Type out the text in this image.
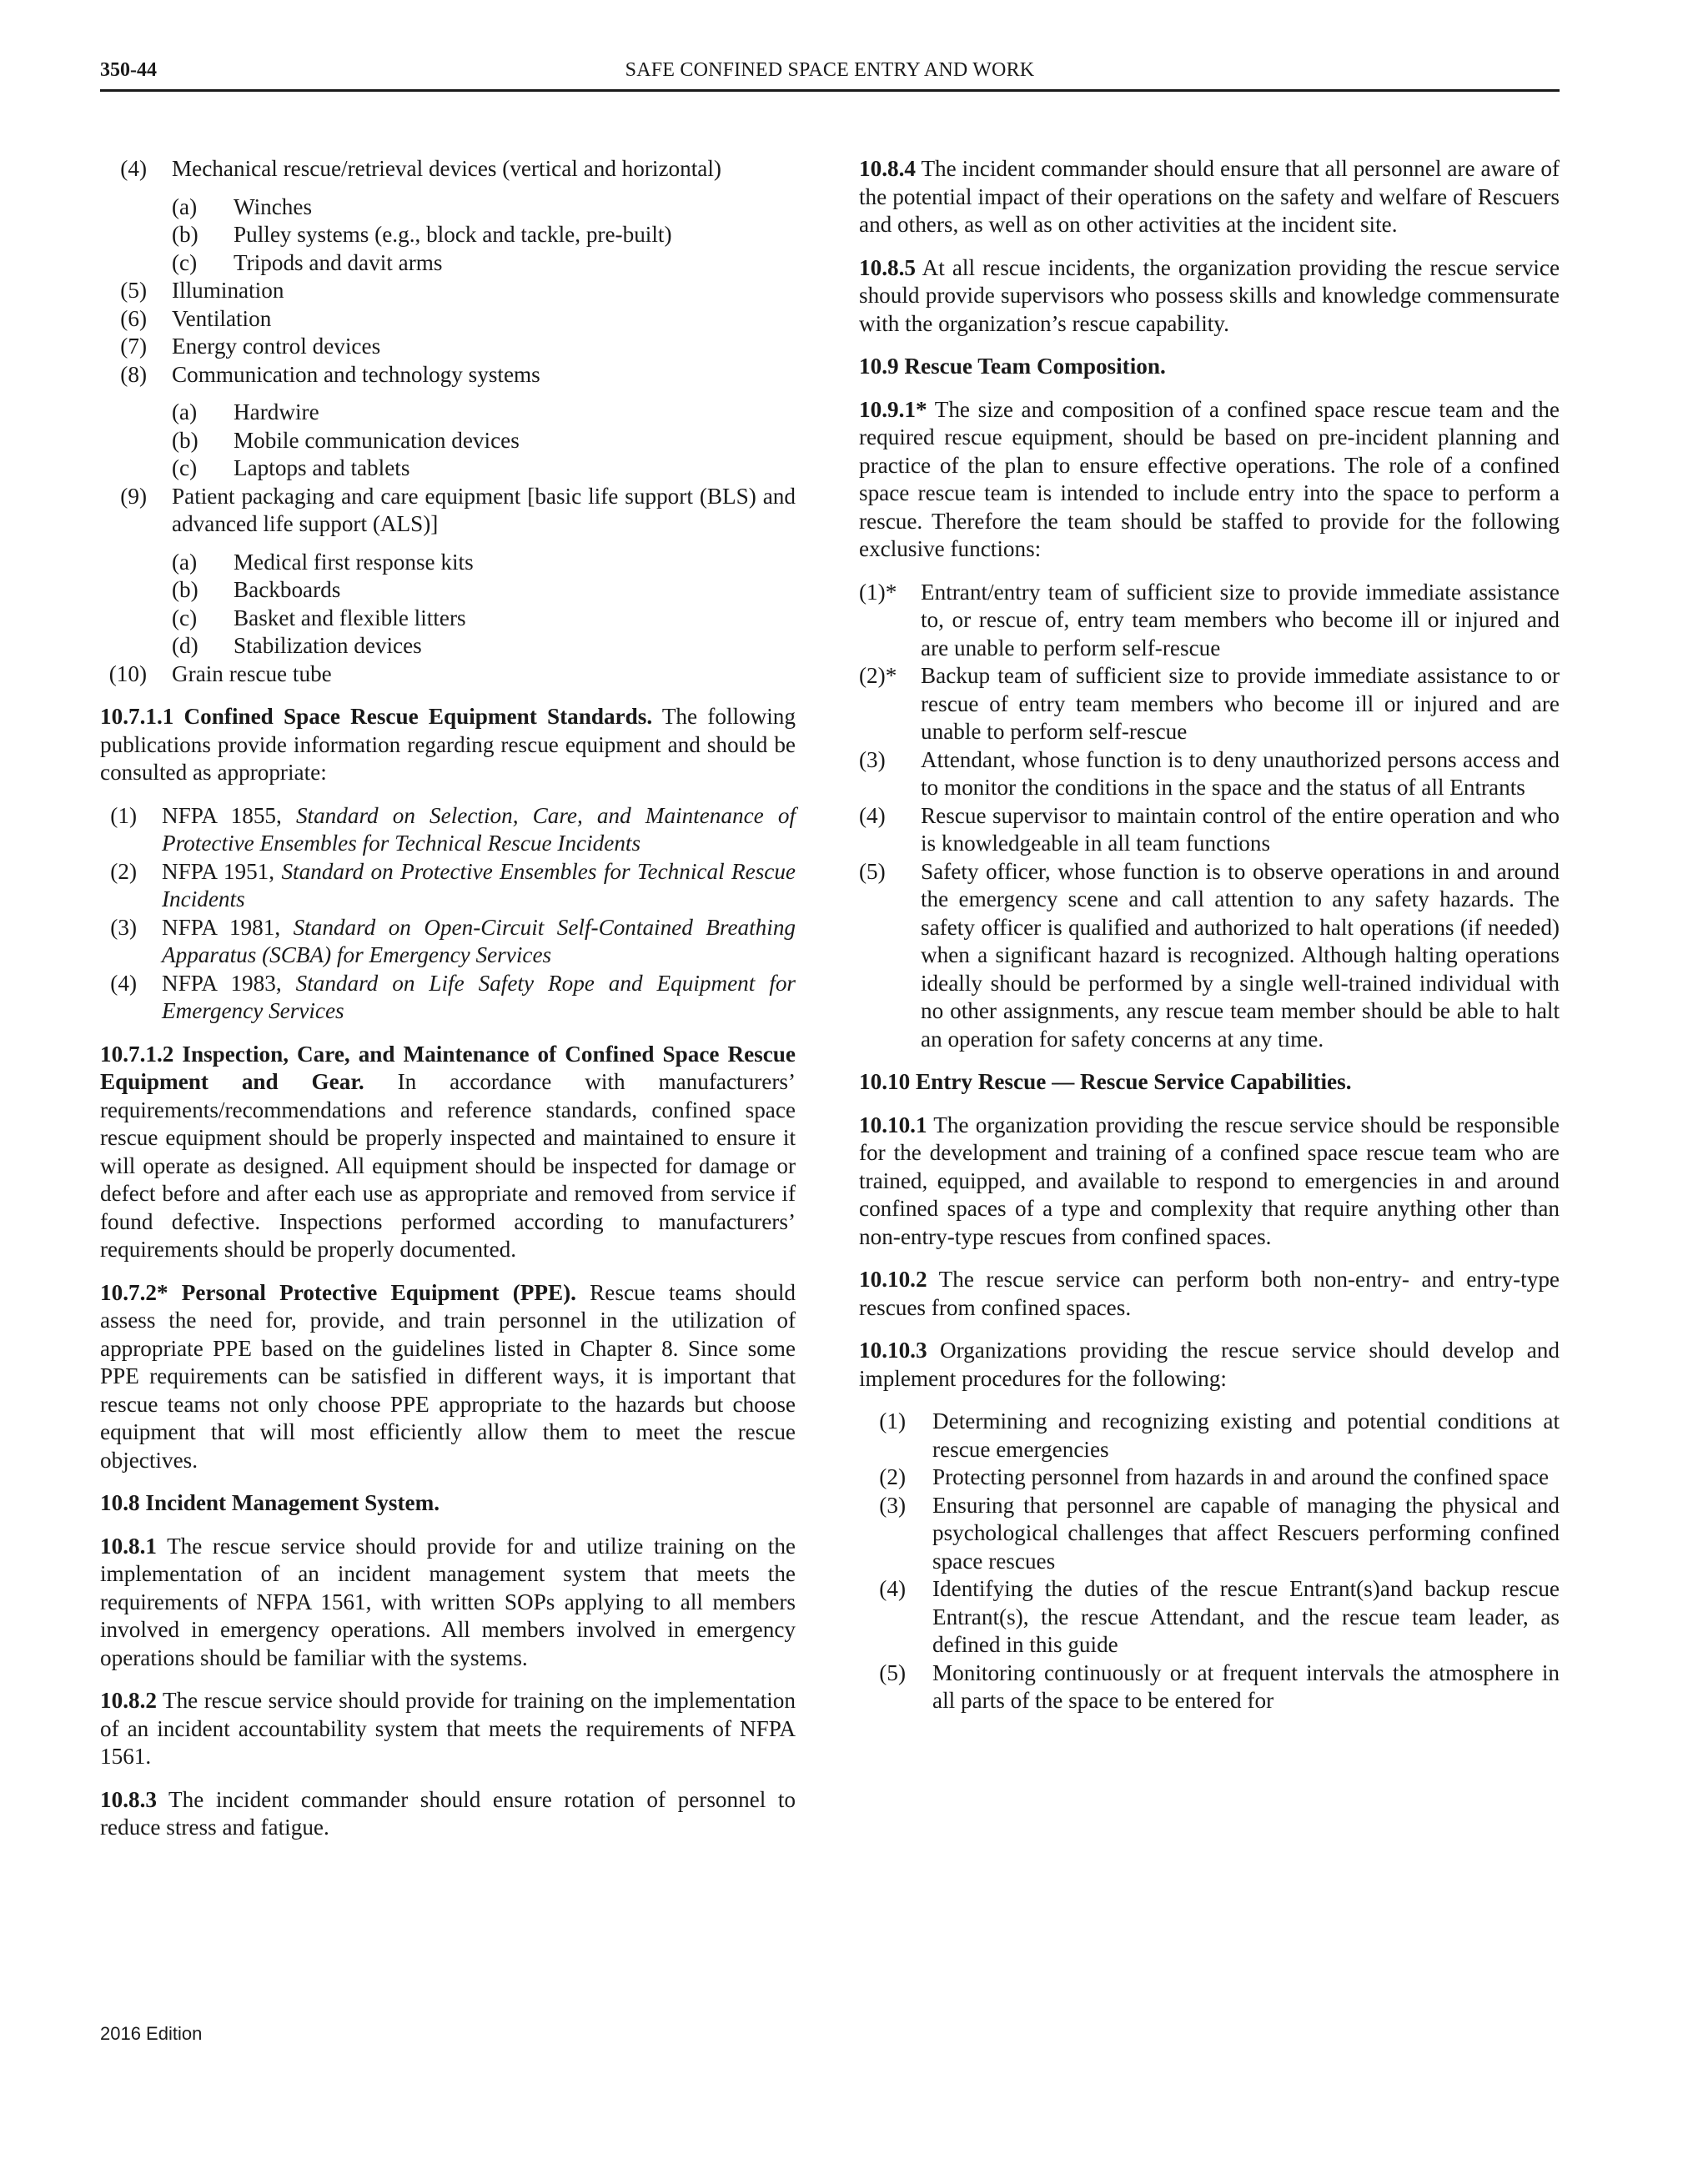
350-44	SAFE CONFINED SPACE ENTRY AND WORK
(4) Mechanical rescue/retrieval devices (vertical and horizontal)
(a)	Winches
(b)	Pulley systems (e.g., block and tackle, pre-built)
(c)	Tripods and davit arms
(5) Illumination
(6) Ventilation
(7) Energy control devices
(8) Communication and technology systems
(a)	Hardwire
(b)	Mobile communication devices
(c)	Laptops and tablets
(9) Patient packaging and care equipment [basic life support (BLS) and advanced life support (ALS)]
(a)	Medical first response kits
(b)	Backboards
(c)	Basket and flexible litters
(d)	Stabilization devices
(10) Grain rescue tube

10.7.1.1 Confined Space Rescue Equipment Standards. The following publications provide information regarding rescue equipment and should be consulted as appropriate:

(1) NFPA 1855, Standard on Selection, Care, and Maintenance of Protective Ensembles for Technical Rescue Incidents
(2) NFPA 1951, Standard on Protective Ensembles for Technical Rescue Incidents
(3) NFPA 1981, Standard on Open-Circuit Self-Contained Breathing Apparatus (SCBA) for Emergency Services
(4) NFPA 1983, Standard on Life Safety Rope and Equipment for Emergency Services

10.7.1.2 Inspection, Care, and Maintenance of Confined Space Rescue Equipment and Gear. In accordance with manufacturers’ requirements/recommendations and reference standards, confined space rescue equipment should be properly inspected and maintained to ensure it will operate as designed. All equipment should be inspected for damage or defect before and after each use as appropriate and removed from service if found defective. Inspections performed according to manufacturers’ requirements should be properly documented.

10.7.2* Personal Protective Equipment (PPE). Rescue teams should assess the need for, provide, and train personnel in the utilization of appropriate PPE based on the guidelines listed in Chapter 8. Since some PPE requirements can be satisfied in different ways, it is important that rescue teams not only choose PPE appropriate to the hazards but choose equipment that will most efficiently allow them to meet the rescue objectives.

10.8 Incident Management System.

10.8.1 The rescue service should provide for and utilize training on the implementation of an incident management system that meets the requirements of NFPA 1561, with written SOPs applying to all members involved in emergency operations. All members involved in emergency operations should be familiar with the systems.

10.8.2 The rescue service should provide for training on the implementation of an incident accountability system that meets the requirements of NFPA 1561.

10.8.3 The incident commander should ensure rotation of personnel to reduce stress and fatigue.

10.8.4 The incident commander should ensure that all personnel are aware of the potential impact of their operations on the safety and welfare of Rescuers and others, as well as on other activities at the incident site.

10.8.5 At all rescue incidents, the organization providing the rescue service should provide supervisors who possess skills and knowledge commensurate with the organization’s rescue capability.

10.9 Rescue Team Composition.

10.9.1* The size and composition of a confined space rescue team and the required rescue equipment, should be based on pre-incident planning and practice of the plan to ensure effective operations. The role of a confined space rescue team is intended to include entry into the space to perform a rescue. Therefore the team should be staffed to provide for the following exclusive functions:

(1)*	Entrant/entry team of sufficient size to provide immediate assistance to, or rescue of, entry team members who become ill or injured and are unable to perform self-rescue
(2)*	Backup team of sufficient size to provide immediate assistance to or rescue of entry team members who become ill or injured and are unable to perform self-rescue
(3)	Attendant, whose function is to deny unauthorized persons access and to monitor the conditions in the space and the status of all Entrants
(4)	Rescue supervisor to maintain control of the entire operation and who is knowledgeable in all team functions
(5)	Safety officer, whose function is to observe operations in and around the emergency scene and call attention to any safety hazards. The safety officer is qualified and authorized to halt operations (if needed) when a significant hazard is recognized. Although halting operations ideally should be performed by a single well-trained individual with no other assignments, any rescue team member should be able to halt an operation for safety concerns at any time.

10.10 Entry Rescue — Rescue Service Capabilities.

10.10.1 The organization providing the rescue service should be responsible for the development and training of a confined space rescue team who are trained, equipped, and available to respond to emergencies in and around confined spaces of a type and complexity that require anything other than non-entry-type rescues from confined spaces.

10.10.2 The rescue service can perform both non-entry- and entry-type rescues from confined spaces.

10.10.3 Organizations providing the rescue service should develop and implement procedures for the following:

(1) Determining and recognizing existing and potential conditions at rescue emergencies
(2) Protecting personnel from hazards in and around the confined space
(3) Ensuring that personnel are capable of managing the physical and psychological challenges that affect Rescuers performing confined space rescues
(4) Identifying the duties of the rescue Entrant(s)and backup rescue Entrant(s), the rescue Attendant, and the rescue team leader, as defined in this guide
(5) Monitoring continuously or at frequent intervals the atmosphere in all parts of the space to be entered for
2016 Edition
